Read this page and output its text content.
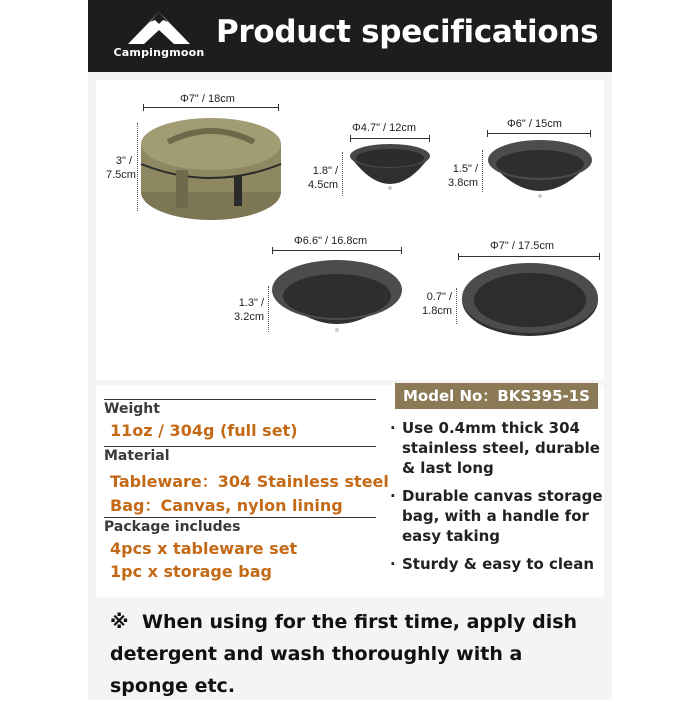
Campingmoon
Product specifications
Φ7" / 18cm
3" /
7.5cm
Φ4.7" / 12cm
1.8" /
4.5cm
Φ6" / 15cm
1.5" /
3.8cm
Φ6.6" / 16.8cm
1.3" /
3.2cm
Φ7" / 17.5cm
0.7" /
1.8cm
Weight
11oz / 304g (full set)
Material
Tableware：304 Stainless steel
Bag：Canvas, nylon lining
Package includes
4pcs x tableware set
1pc x storage bag
Model No：BKS395-1S
· Use 0.4mm thick 304 stainless steel, durable & last long
· Durable canvas storage bag, with a handle for easy taking
· Sturdy & easy to clean
※ When using for the first time, apply dish detergent and wash thoroughly with a sponge etc.
